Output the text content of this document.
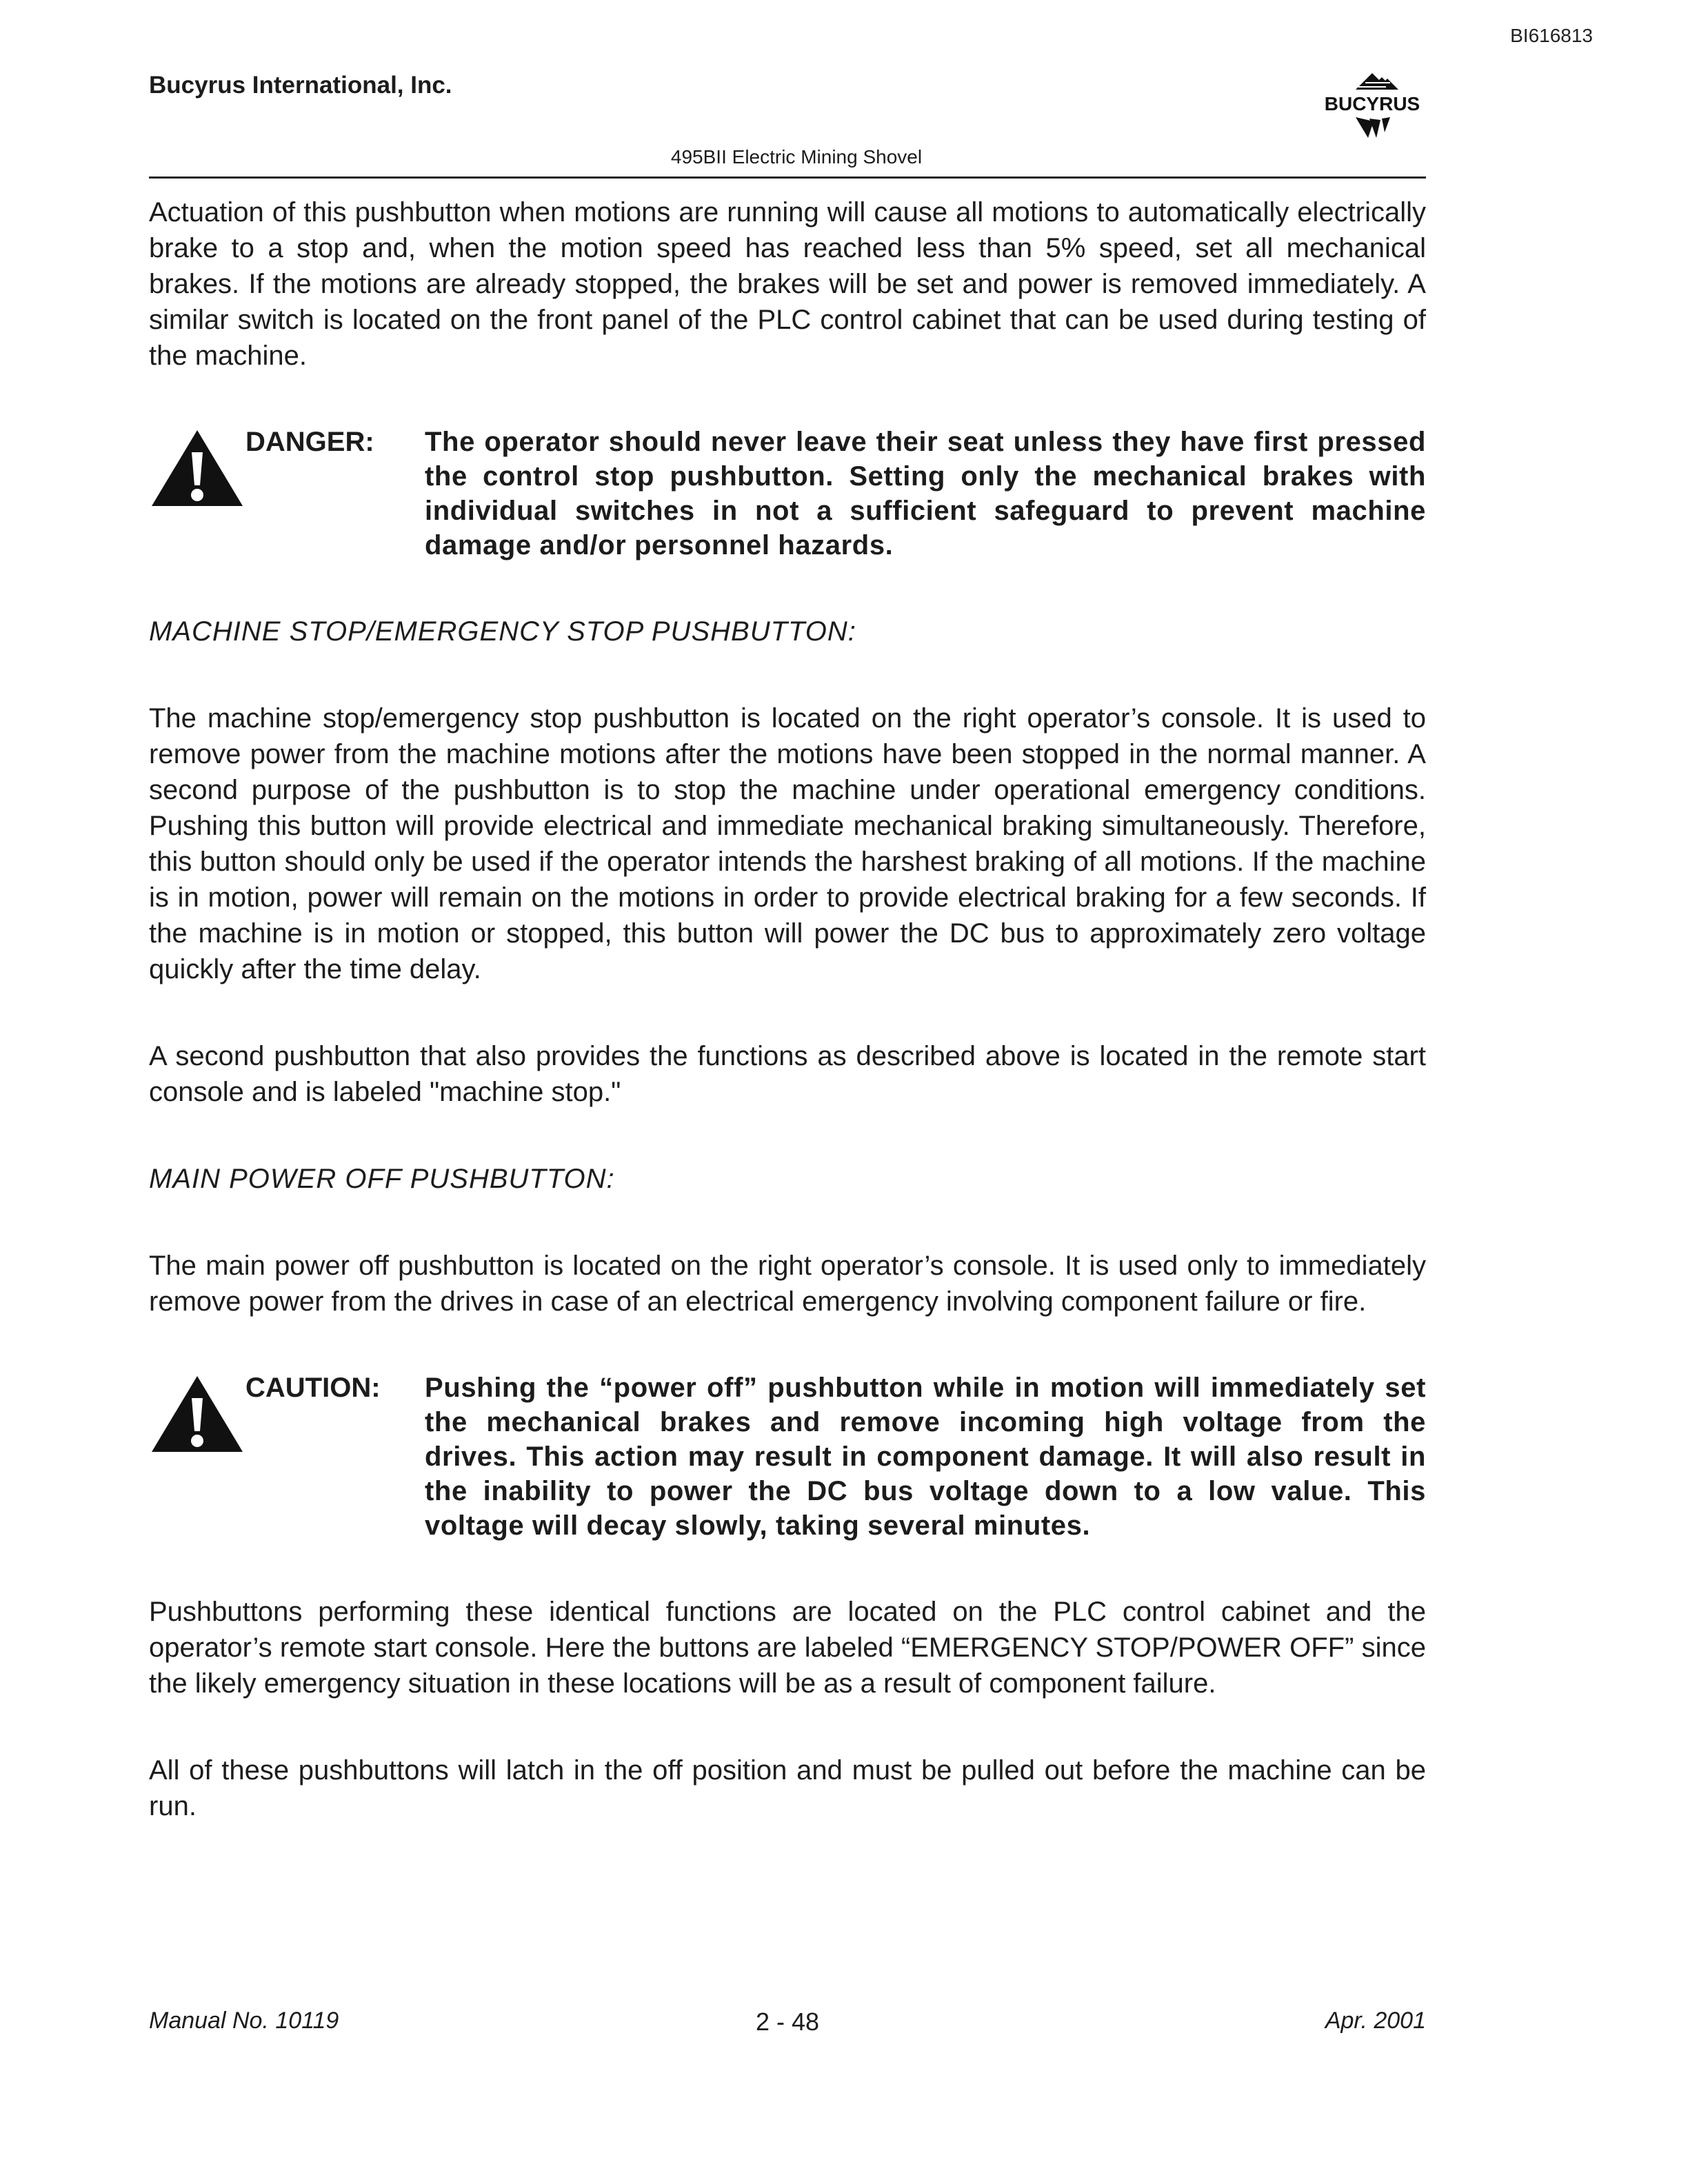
BI616813
Bucyrus International, Inc.
BUCYRUS
495BII Electric Mining Shovel

Actuation of this pushbutton when motions are running will cause all motions to automatically electrically brake to a stop and, when the motion speed has reached less than 5% speed, set all mechanical brakes. If the motions are already stopped, the brakes will be set and power is removed immediately. A similar switch is located on the front panel of the PLC control cabinet that can be used during testing of the machine.

DANGER: The operator should never leave their seat unless they have first pressed the control stop pushbutton. Setting only the mechanical brakes with individual switches in not a sufficient safeguard to prevent machine damage and/or personnel hazards.
MACHINE STOP/EMERGENCY STOP PUSHBUTTON:

The machine stop/emergency stop pushbutton is located on the right operator’s console. It is used to remove power from the machine motions after the motions have been stopped in the normal manner. A second purpose of the pushbutton is to stop the machine under operational emergency conditions. Pushing this button will provide electrical and immediate mechanical braking simultaneously. Therefore, this button should only be used if the operator intends the harshest braking of all motions. If the machine is in motion, power will remain on the motions in order to provide electrical braking for a few seconds. If the machine is in motion or stopped, this button will power the DC bus to approximately zero voltage quickly after the time delay.

A second pushbutton that also provides the functions as described above is located in the remote start console and is labeled "machine stop."

MAIN POWER OFF PUSHBUTTON:

The main power off pushbutton is located on the right operator’s console. It is used only to immediately remove power from the drives in case of an electrical emergency involving component failure or fire.

CAUTION: Pushing the “power off” pushbutton while in motion will immediately set the mechanical brakes and remove incoming high voltage from the drives. This action may result in component damage. It will also result in the inability to power the DC bus voltage down to a low value. This voltage will decay slowly, taking several minutes.

Pushbuttons performing these identical functions are located on the PLC control cabinet and the operator’s remote start console. Here the buttons are labeled “EMERGENCY STOP/POWER OFF” since the likely emergency situation in these locations will be as a result of component failure.

All of these pushbuttons will latch in the off position and must be pulled out before the machine can be run.

Manual No. 10119	2 - 48	Apr. 2001
